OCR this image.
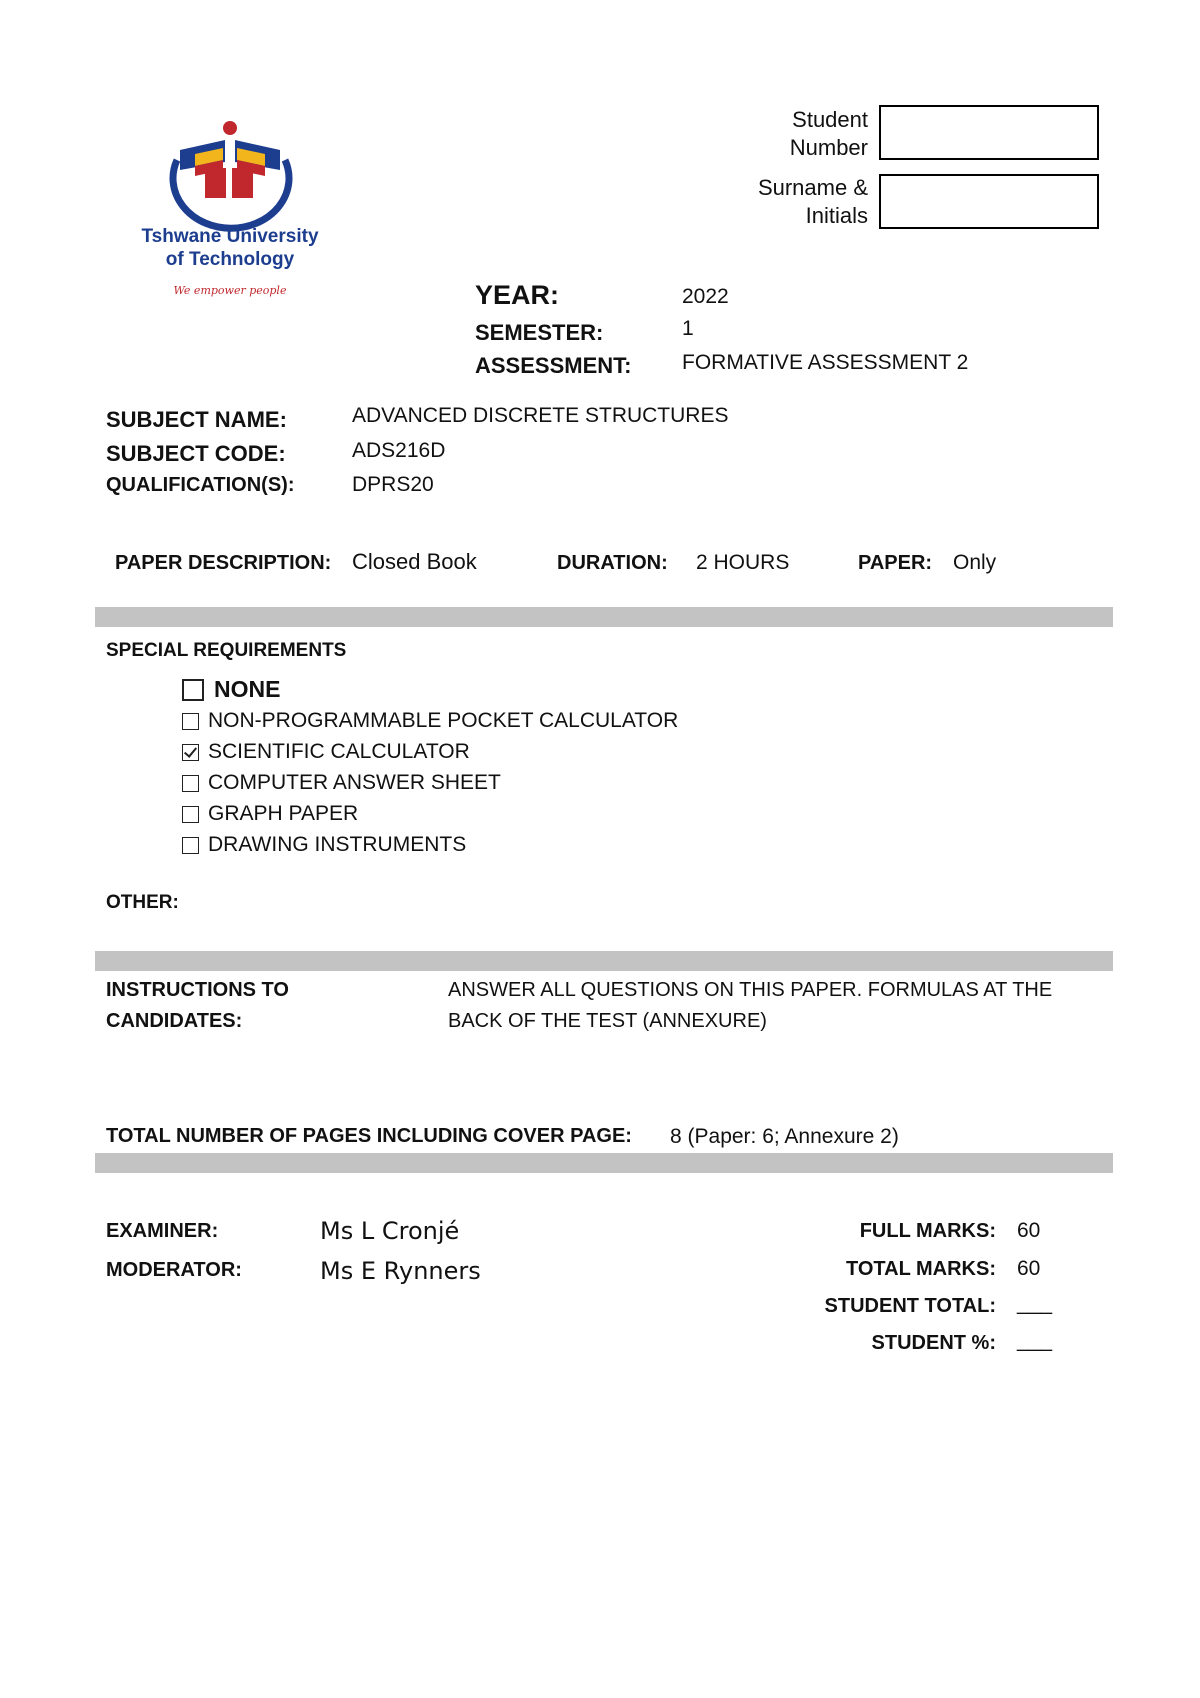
Tshwane University
of Technology
We empower people
Student
Number
Surname &
Initials
YEAR:	2022
SEMESTER:	1
ASSESSMENT: FORMATIVE ASSESSMENT 2
SUBJECT NAME:	ADVANCED DISCRETE STRUCTURES
SUBJECT CODE:	ADS216D
QUALIFICATION(S):	DPRS20
PAPER DESCRIPTION: Closed Book	DURATION: 2 HOURS	PAPER: Only
SPECIAL REQUIREMENTS
NONE
NON-PROGRAMMABLE POCKET CALCULATOR
SCIENTIFIC CALCULATOR
COMPUTER ANSWER SHEET
GRAPH PAPER
DRAWING INSTRUMENTS
OTHER:
INSTRUCTIONS TO
CANDIDATES:
ANSWER ALL QUESTIONS ON THIS PAPER. FORMULAS AT THE
BACK OF THE TEST (ANNEXURE)
TOTAL NUMBER OF PAGES INCLUDING COVER PAGE: 8 (Paper: 6; Annexure 2)
EXAMINER:	Ms L Cronjé
MODERATOR:	Ms E Rynners
FULL MARKS: 60
TOTAL MARKS: 60
STUDENT TOTAL: ___
STUDENT %: ___
